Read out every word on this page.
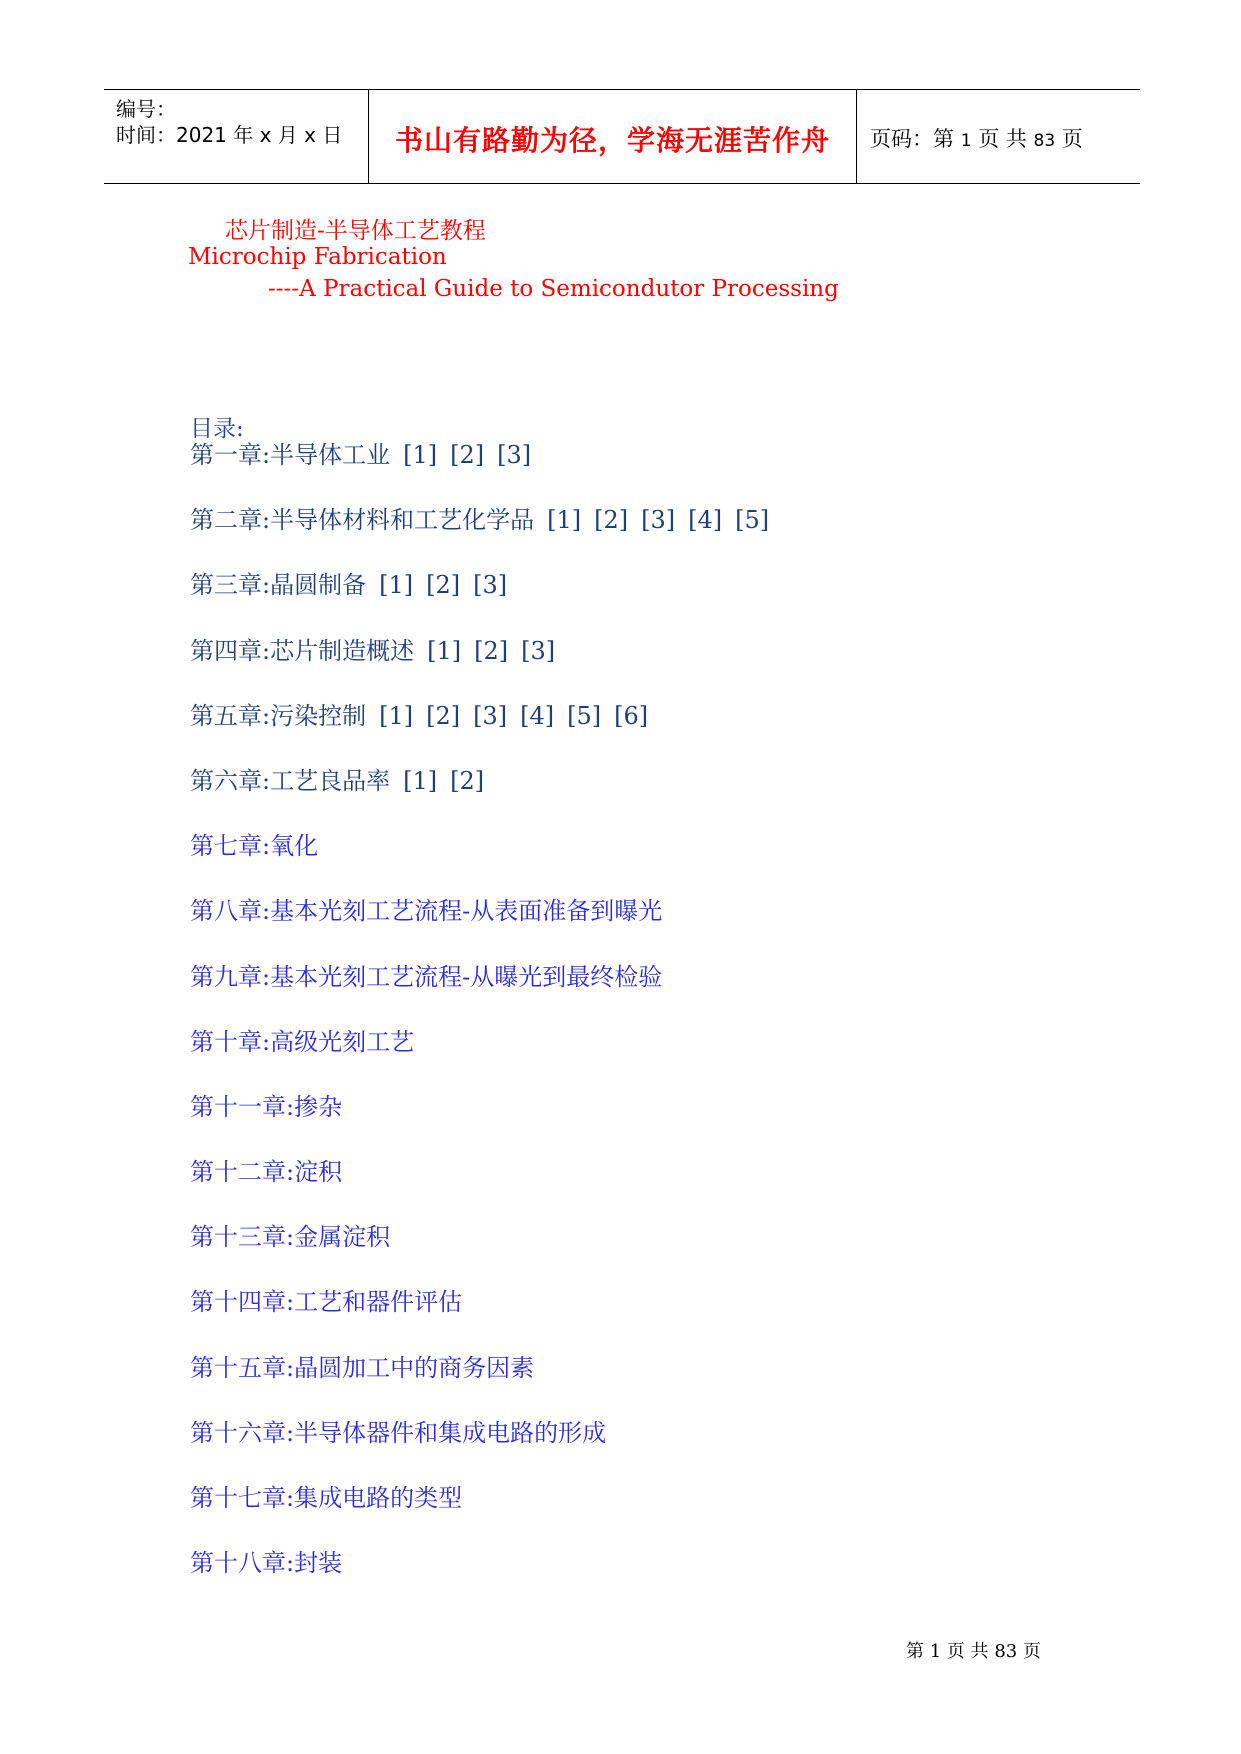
编号：
时间：2021 年 x 月 x 日	书山有路勤为径，学海无涯苦作舟	页码：第 1 页 共 83 页
芯片制造-半导体工艺教程
Microchip Fabrication
----A Practical Guide to Semicondutor Processing
目录:
第一章:半导体工业 [1] [2] [3]
第二章:半导体材料和工艺化学品 [1] [2] [3] [4] [5]
第三章:晶圆制备 [1] [2] [3]
第四章:芯片制造概述 [1] [2] [3]
第五章:污染控制 [1] [2] [3] [4] [5] [6]
第六章:工艺良品率 [1] [2]
第七章:氧化
第八章:基本光刻工艺流程-从表面准备到曝光
第九章:基本光刻工艺流程-从曝光到最终检验
第十章:高级光刻工艺
第十一章:掺杂
第十二章:淀积
第十三章:金属淀积
第十四章:工艺和器件评估
第十五章:晶圆加工中的商务因素
第十六章:半导体器件和集成电路的形成
第十七章:集成电路的类型
第十八章:封装
第 1 页 共 83 页
